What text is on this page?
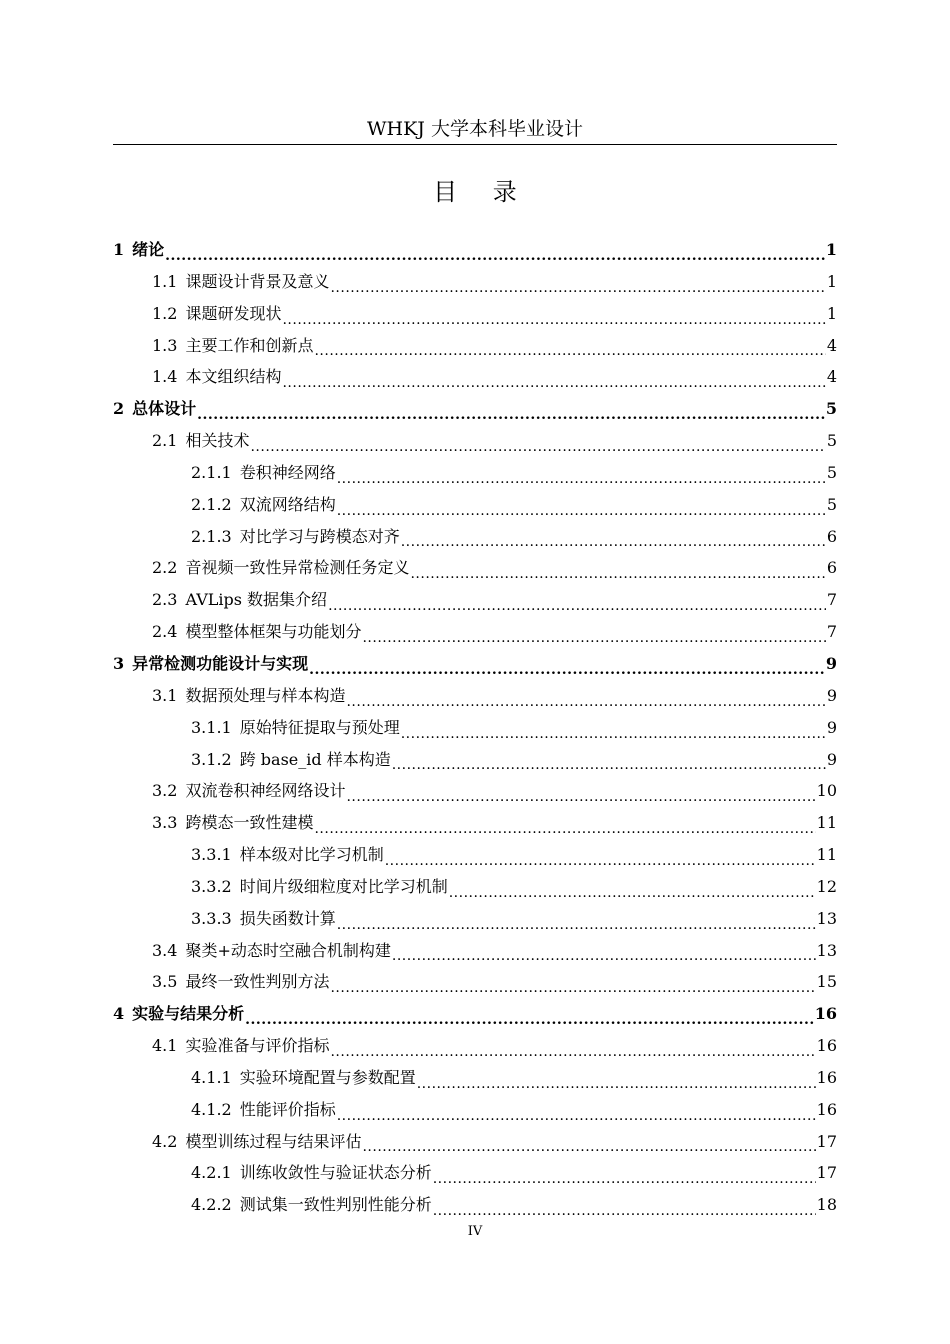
WHKJ 大学本科毕业设计
目 录
1 绪论 .....	1
1.1 课题设计背景及意义 .....	1
1.2 课题研发现状 .....	1
1.3 主要工作和创新点 .....	4
1.4 本文组织结构 .....	4
2 总体设计 .....	5
2.1 相关技术 .....	5
2.1.1 卷积神经网络 .....	5
2.1.2 双流网络结构 .....	5
2.1.3 对比学习与跨模态对齐 .....	6
2.2 音视频一致性异常检测任务定义 .....	6
2.3 AVLips 数据集介绍 .....	7
2.4 模型整体框架与功能划分 .....	7
3 异常检测功能设计与实现 .....	9
3.1 数据预处理与样本构造 .....	9
3.1.1 原始特征提取与预处理 .....	9
3.1.2 跨 base_id 样本构造 .....	9
3.2 双流卷积神经网络设计 .....	10
3.3 跨模态一致性建模 .....	11
3.3.1 样本级对比学习机制 .....	11
3.3.2 时间片级细粒度对比学习机制 .....	12
3.3.3 损失函数计算 .....	13
3.4 聚类+动态时空融合机制构建 .....	13
3.5 最终一致性判别方法 .....	15
4 实验与结果分析 .....	16
4.1 实验准备与评价指标 .....	16
4.1.1 实验环境配置与参数配置 .....	16
4.1.2 性能评价指标 .....	16
4.2 模型训练过程与结果评估 .....	17
4.2.1 训练收敛性与验证状态分析 .....	17
4.2.2 测试集一致性判别性能分析 .....	18
IV
